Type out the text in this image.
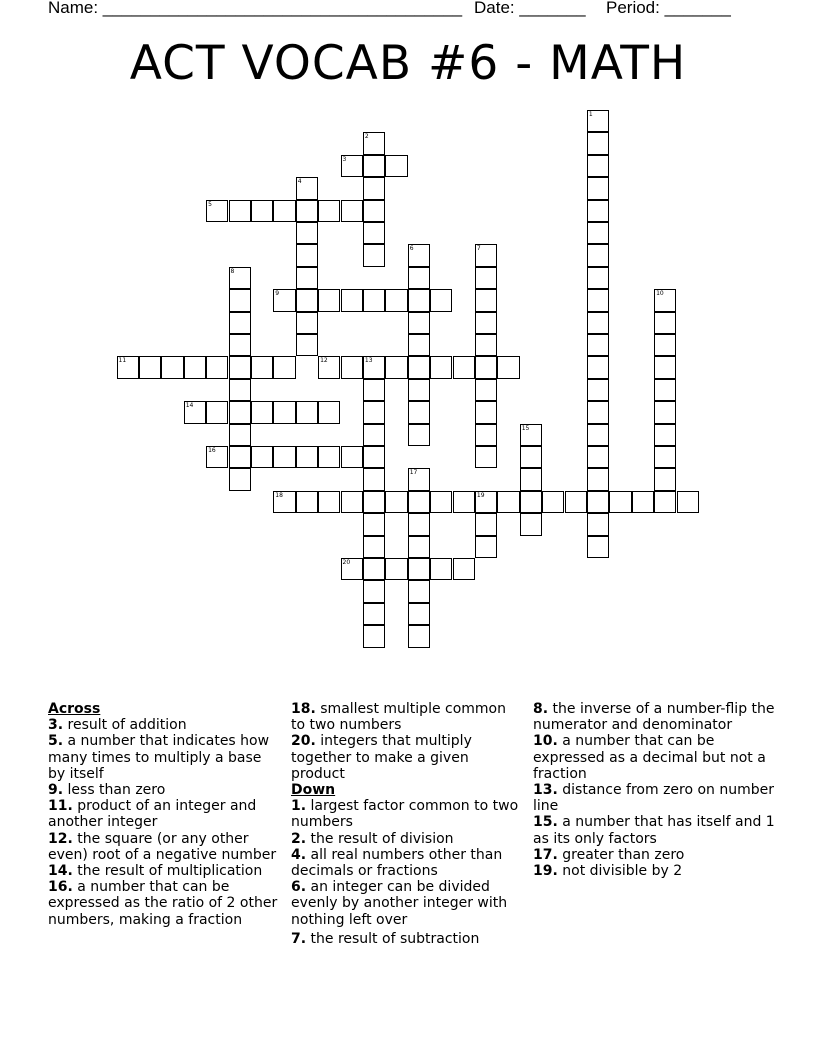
Name: ______________________________________ Date: _______ Period: _______
ACT VOCAB #6 - MATH
1
2
3
4
5
6	7
8
9	10
11	12	13
14
15
16
17
18	19
20

Across

3. result of addition

5. a number that indicates how many times to multiply a base by itself

9. less than zero

11. product of an integer and another integer

12. the square (or any other even) root of a negative number

14. the result of multiplication

16. a number that can be expressed as the ratio of 2 other numbers, making a fraction

18. smallest multiple common to two numbers

20. integers that multiply together to make a given product

Down

1. largest factor common to two numbers

2. the result of division

4. all real numbers other than decimals or fractions

6. an integer can be divided evenly by another integer with nothing left over

7. the result of subtraction

8. the inverse of a number-flip the numerator and denominator

10. a number that can be expressed as a decimal but not a fraction

13. distance from zero on number line

15. a number that has itself and 1 as its only factors

17. greater than zero

19. not divisible by 2
